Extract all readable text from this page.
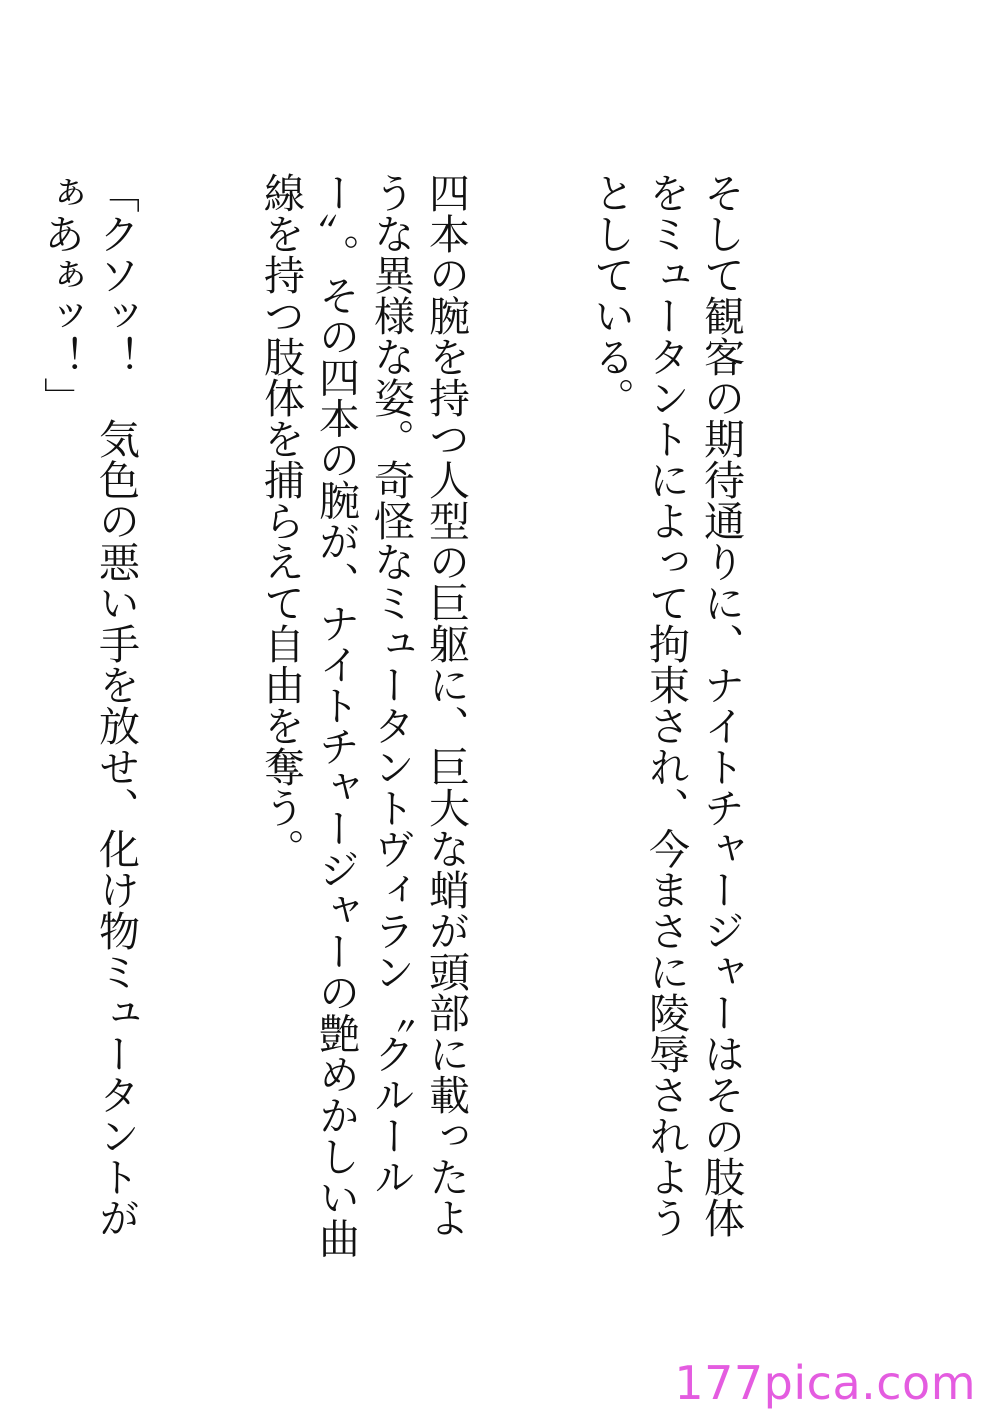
そして観客の期待通りに、ナイトチャージャーはその肢体をミュータントによって拘束され、今まさに陵辱されようとしている。

四本の腕を持つ人型の巨躯に、巨大な蛸が頭部に載ったような異様な姿。奇怪なミュータントヴィラン〝クルールー〟。その四本の腕が、ナイトチャージャーの艶めかしい曲線を持つ肢体を捕らえて自由を奪う。

「クソッ！　気色の悪い手を放せ、化け物ミュータントがぁあぁッ！」

177pica.com
